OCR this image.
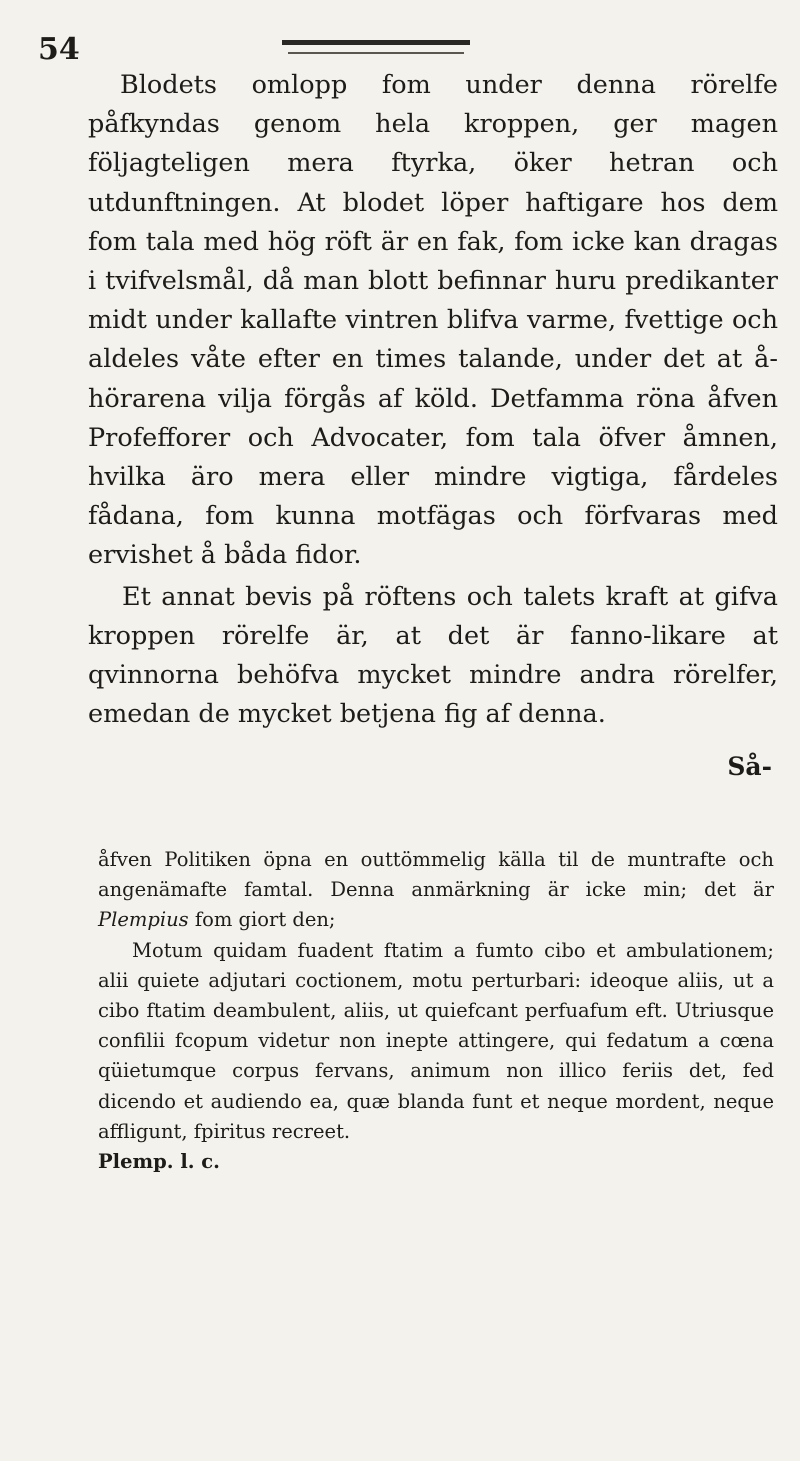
54

Blodets omlopp fom under denna rörelfe påfkyndas genom hela kroppen, ger magen följagteligen mera ftyrka, öker hetran och utdunftningen. At blodet löper haftigare hos dem fom tala med hög röft är en fak, fom icke kan dragas i tvifvelsmål, då man blott befinnar huru predikanter midt under kallafte vintren blifva varme, fvettige och aldeles våte efter en times talande, under det at å-hörarena vilja förgås af köld. Detfamma röna åfven Profefforer och Advocater, fom tala öfver åmnen, hvilka äro mera eller mindre vigtiga, fårdeles fådana, fom kunna motfägas och förfvaras med ervishet å båda fidor.

Et annat bevis på röftens och talets kraft at gifva kroppen rörelfe är, at det är fanno-likare at qvinnorna behöfva mycket mindre andra rörelfer, emedan de mycket betjena fig af denna.

Så-

åfven Politiken öpna en outtömmelig källa til de muntrafte och angenämafte famtal. Denna anmärkning är icke min; det är Plempius fom giort den;

Motum quidam fuadent ftatim a fumto cibo et ambulationem; alii quiete adjutari coctionem, motu perturbari: ideoque aliis, ut a cibo ftatim deambulent, aliis, ut quiefcant perfuafum eft. Utriusque confilii fcopum videtur non inepte attingere, qui fedatum a cœna qüietumque corpus fervans, animum non illico feriis det, fed dicendo et audiendo ea, quæ blanda funt et neque mordent, neque affligunt, fpiritus recreet.

Plemp. l. c.
